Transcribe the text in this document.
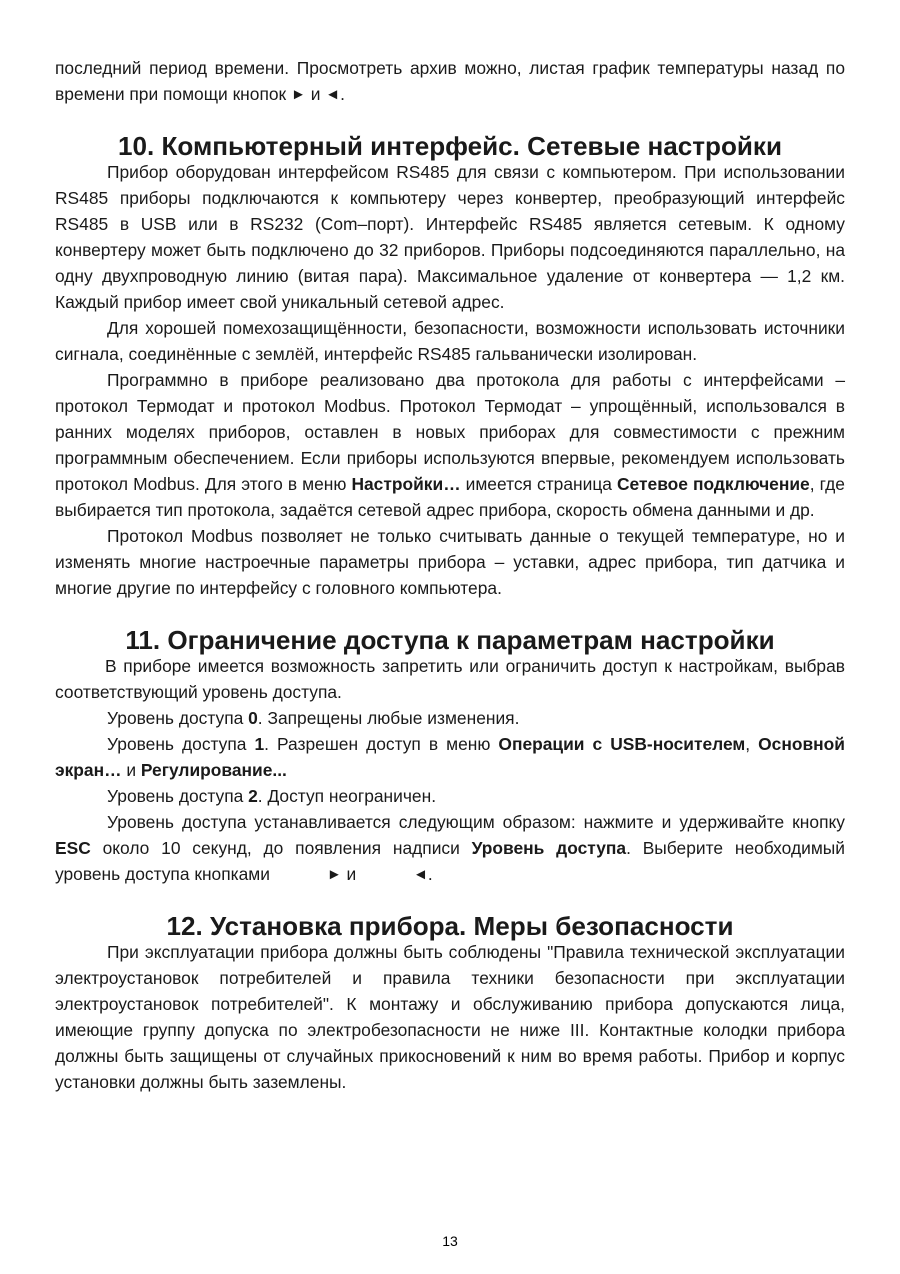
последний период времени. Просмотреть архив можно, листая график температуры назад по времени при помощи кнопок ► и ◄.

10. Компьютерный интерфейс. Сетевые настройки

Прибор оборудован интерфейсом RS485 для связи с компьютером. При использовании RS485 приборы подключаются к компьютеру через конвертер, преобразующий интерфейс RS485 в USB или в RS232 (Com–порт). Интерфейс RS485 является сетевым. К одному конвертеру может быть подключено до 32 приборов. Приборы подсоединяются параллельно, на одну двухпроводную линию (витая пара). Максимальное удаление от конвертера — 1,2 км. Каждый прибор имеет свой уникальный сетевой адрес.

Для хорошей помехозащищённости, безопасности, возможности использовать источники сигнала, соединённые с землёй, интерфейс RS485 гальванически изолирован.

Программно в приборе реализовано два протокола для работы с интерфейсами – протокол Термодат и протокол Modbus. Протокол Термодат – упрощённый, использовался в ранних моделях приборов, оставлен в новых приборах для совместимости с прежним программным обеспечением. Если приборы используются впервые, рекомендуем использовать протокол Modbus. Для этого в меню Настройки… имеется страница Сетевое подключение, где выбирается тип протокола, задаётся сетевой адрес прибора, скорость обмена данными и др.

Протокол Modbus позволяет не только считывать данные о текущей температуре, но и изменять многие настроечные параметры прибора – уставки, адрес прибора, тип датчика и многие другие по интерфейсу с головного компьютера.

11. Ограничение доступа к параметрам настройки

В приборе имеется возможность запретить или ограничить доступ к настройкам, выбрав соответствующий уровень доступа.

Уровень доступа 0. Запрещены любые изменения.

Уровень доступа 1. Разрешен доступ в меню Операции с USB-носителем, Основной экран… и Регулирование...

Уровень доступа 2. Доступ неограничен.

Уровень доступа устанавливается следующим образом: нажмите и удерживайте кнопку ESC около 10 секунд, до появления надписи Уровень доступа. Выберите необходимый уровень доступа кнопками	► и	◄.

12. Установка прибора. Меры безопасности

При эксплуатации прибора должны быть соблюдены "Правила технической эксплуатации электроустановок потребителей и правила техники безопасности при эксплуатации электроустановок потребителей". К монтажу и обслуживанию прибора допускаются лица, имеющие группу допуска по электробезопасности не ниже III. Контактные колодки прибора должны быть защищены от случайных прикосновений к ним во время работы. Прибор и корпус установки должны быть заземлены.

13
